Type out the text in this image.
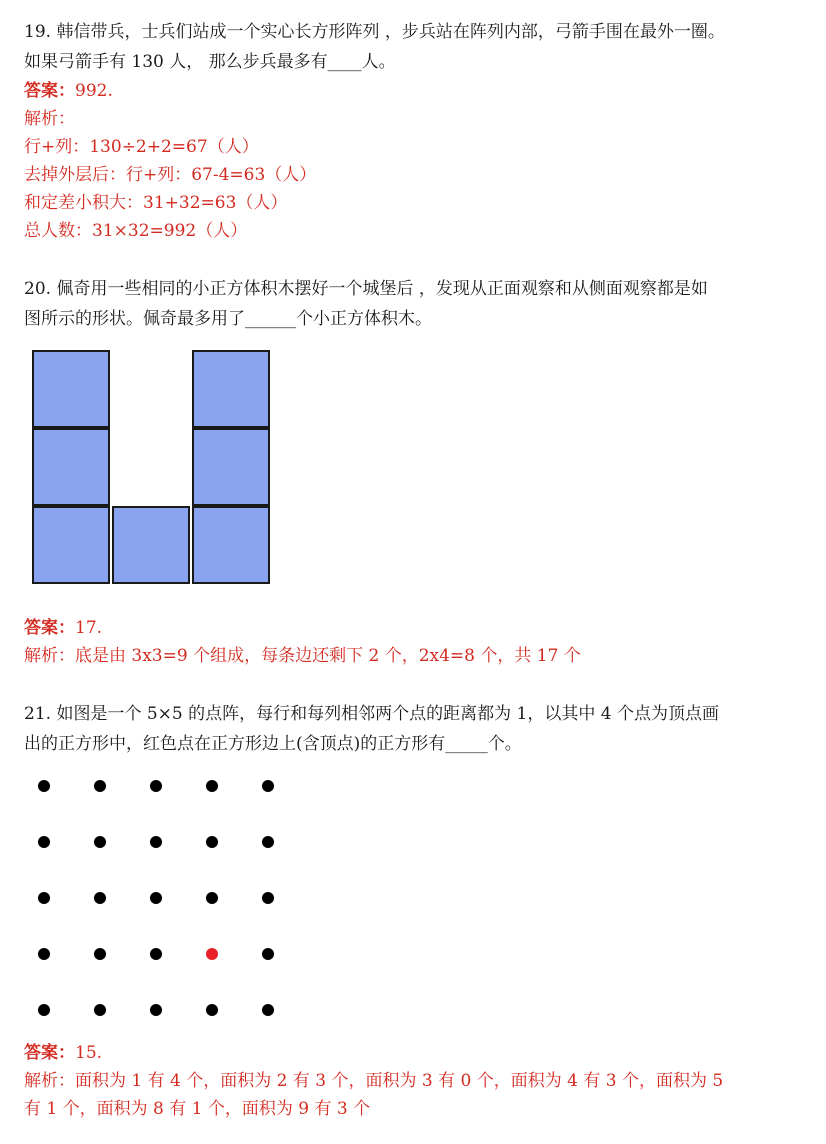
19. 韩信带兵，士兵们站成一个实心长方形阵列 ，步兵站在阵列内部，弓箭手围在最外一圈。
如果弓箭手有 130 人， 那么步兵最多有____人。
答案：992.
解析：
行+列：130÷2+2=67（人）
去掉外层后：行+列：67-4=63（人）
和定差小积大：31+32=63（人）
总人数：31×32=992（人）
20. 佩奇用一些相同的小正方体积木摆好一个城堡后 ，发现从正面观察和从侧面观察都是如
图所示的形状。佩奇最多用了______个小正方体积木。
答案：17.
解析：底是由 3x3=9 个组成，每条边还剩下 2 个，2x4=8 个，共 17 个
21. 如图是一个 5×5 的点阵，每行和每列相邻两个点的距离都为 1，以其中 4 个点为顶点画
出的正方形中，红色点在正方形边上(含顶点)的正方形有_____个。
答案：15.
解析：面积为 1 有 4 个，面积为 2 有 3 个，面积为 3 有 0 个，面积为 4 有 3 个，面积为 5
有 1 个，面积为 8 有 1 个，面积为 9 有 3 个
